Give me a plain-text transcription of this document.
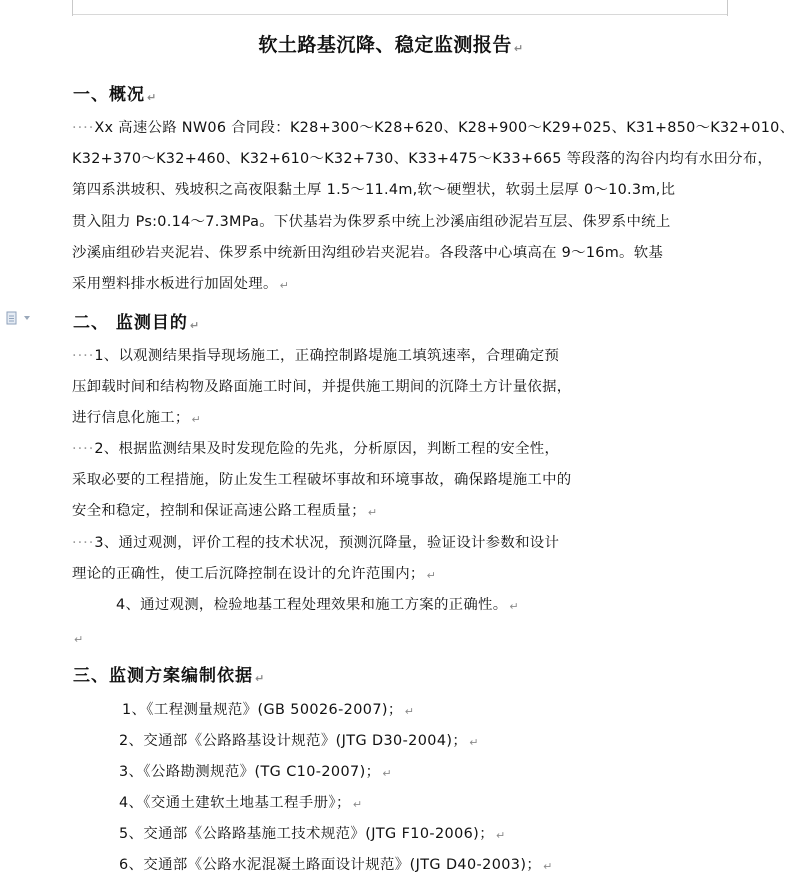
软土路基沉降、稳定监测报告 ↵
一、概况 ↵
····Xx 高速公路 NW06 合同段：K28+300～K28+620、K28+900～K29+025、K31+850～K32+010、
K32+370～K32+460、K32+610～K32+730、K33+475～K33+665 等段落的沟谷内均有水田分布，
第四系洪坡积、残坡积之高夜限黏土厚 1.5～11.4m,软～硬塑状，软弱土层厚 0～10.3m,比
贯入阻力 Ps:0.14～7.3MPa。下伏基岩为侏罗系中统上沙溪庙组砂泥岩互层、侏罗系中统上
沙溪庙组砂岩夹泥岩、侏罗系中统新田沟组砂岩夹泥岩。各段落中心填高在 9～16m。软基
采用塑料排水板进行加固处理。 ↵
二、 监测目的 ↵
····1、以观测结果指导现场施工，正确控制路堤施工填筑速率，合理确定预
压卸载时间和结构物及路面施工时间，并提供施工期间的沉降土方计量依据，
进行信息化施工； ↵
····2、根据监测结果及时发现危险的先兆，分析原因，判断工程的安全性，
采取必要的工程措施，防止发生工程破坏事故和环境事故，确保路堤施工中的
安全和稳定，控制和保证高速公路工程质量； ↵
····3、通过观测，评价工程的技术状况，预测沉降量，验证设计参数和设计
理论的正确性，使工后沉降控制在设计的允许范围内； ↵
4、通过观测，检验地基工程处理效果和施工方案的正确性。 ↵
↵
三、监测方案编制依据 ↵
1、《工程测量规范》(GB 50026-2007)； ↵
2、交通部《公路路基设计规范》(JTG D30-2004)； ↵
3、《公路勘测规范》(TG C10-2007)； ↵
4、《交通土建软土地基工程手册》； ↵
5、交通部《公路路基施工技术规范》(JTG F10-2006)； ↵
6、交通部《公路水泥混凝土路面设计规范》(JTG D40-2003)； ↵
